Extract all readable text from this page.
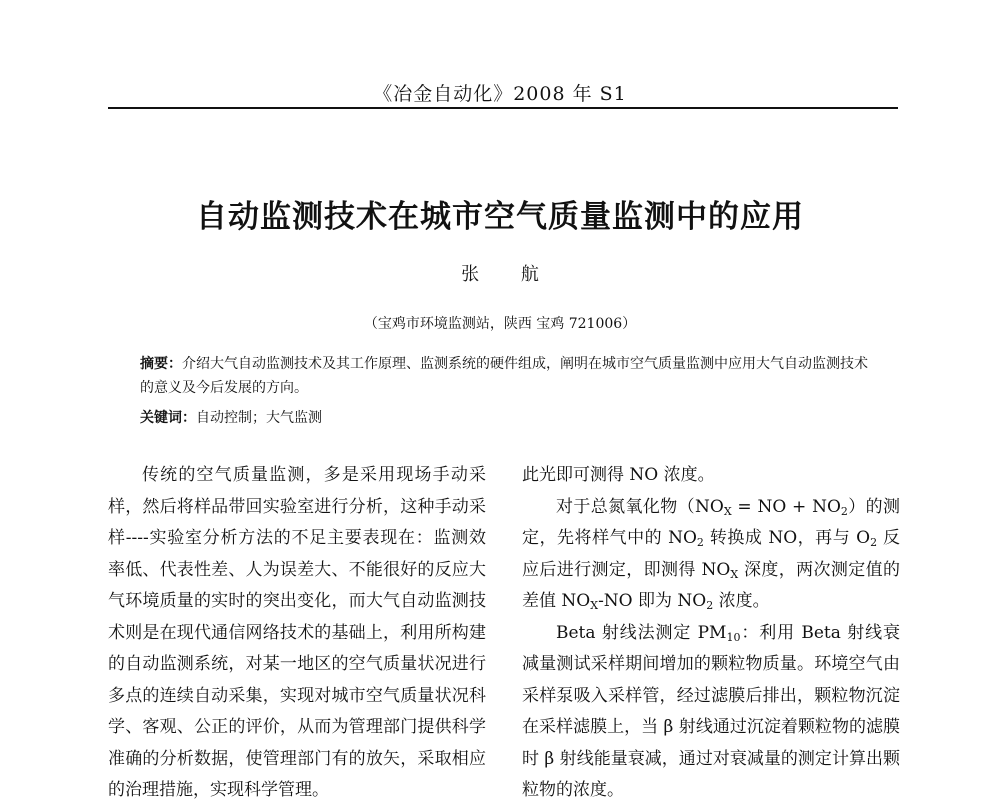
《冶金自动化》2008 年 S1
自动监测技术在城市空气质量监测中的应用
张 航
（宝鸡市环境监测站，陕西 宝鸡 721006）
摘要：介绍大气自动监测技术及其工作原理、监测系统的硬件组成，阐明在城市空气质量监测中应用大气自动监测技术的意义及今后发展的方向。
关键词：自动控制；大气监测

传统的空气质量监测，多是采用现场手动采样，然后将样品带回实验室进行分析，这种手动采样----实验室分析方法的不足主要表现在：监测效率低、代表性差、人为误差大、不能很好的反应大气环境质量的实时的突出变化，而大气自动监测技术则是在现代通信网络技术的基础上，利用所构建的自动监测系统，对某一地区的空气质量状况进行多点的连续自动采集，实现对城市空气质量状况科学、客观、公正的评价，从而为管理部门提供科学准确的分析数据，使管理部门有的放矢，采取相应的治理措施，实现科学管理。

此光即可测得 NO 浓度。

对于总氮氧化物（$NO_X$ = NO + $NO_2$）的测定，先将样气中的 $NO_2$ 转换成 NO，再与 $O_2$ 反应后进行测定，即测得 $NO_X$ 深度，两次测定值的差值 $NO_X-NO$ 即为 $NO_2$ 浓度。

Beta 射线法测定 $PM_{10}$：利用 Beta 射线衰减量测试采样期间增加的颗粒物质量。环境空气由采样泵吸入采样管，经过滤膜后排出，颗粒物沉淀在采样滤膜上，当 β 射线通过沉淀着颗粒物的滤膜时 β 射线能量衰减，通过对衰减量的测定计算出颗粒物的浓度。
